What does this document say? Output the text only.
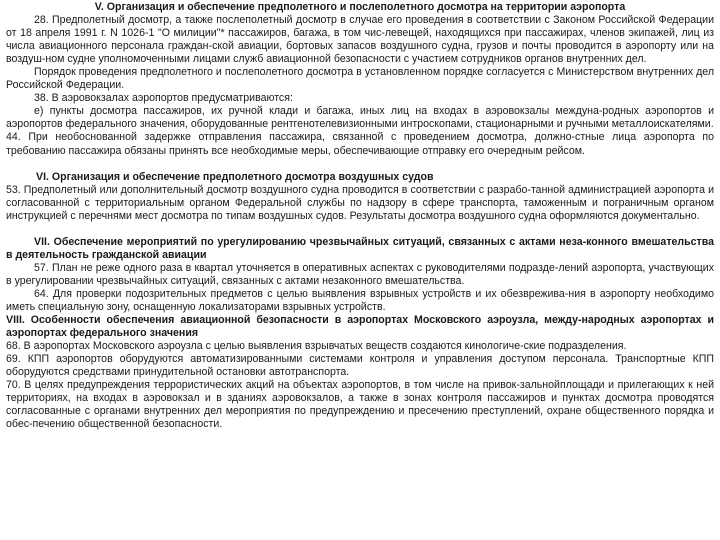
V. Организация и обеспечение предполетного и послеполетного досмотра на территории аэропорта

28. Предполетный досмотр, а также послеполетный досмотр в случае его проведения в соответствии с Законом Российской Федерации от 18 апреля 1991 г. N 1026-1 "О милиции"* пассажиров, багажа, в том чис-левещей, находящихся при пассажирах, членов экипажей, лиц из числа авиационного персонала граждан-ской авиации, бортовых запасов воздушного судна, грузов и почты проводится в аэропорту или на воздуш-ном судне уполномоченными лицами служб авиационной безопасности с участием сотрудников органов внутренних дел.

Порядок проведения предполетного и послеполетного досмотра в установленном порядке согласуется с Министерством внутренних дел Российской Федерации.

38. В аэровокзалах аэропортов предусматриваются:

е) пункты досмотра пассажиров, их ручной клади и багажа, иных лиц на входах в аэровокзалы междуна-родных аэропортов и аэропортов федерального значения, оборудованные рентгенотелевизионными интроскопами, стационарными и ручными металлоискателями.

44. При необоснованной задержке отправления пассажира, связанной с проведением досмотра, должно-стные лица аэропорта по требованию пассажира обязаны принять все необходимые меры, обеспечивающие отправку его очередным рейсом.

VI. Организация и обеспечение предполетного досмотра воздушных судов

53. Предполетный или дополнительный досмотр воздушного судна проводится в соответствии с разрабо-танной администрацией аэропорта и согласованной с территориальным органом Федеральной службы по надзору в сфере транспорта, таможенным и пограничным органом инструкцией с перечнями мест досмотра по типам воздушных судов. Результаты досмотра воздушного судна оформляются документально.

VII. Обеспечение мероприятий по урегулированию чрезвычайных ситуаций, связанных с актами неза-конного вмешательства в деятельность гражданской авиации

57. План не реже одного раза в квартал уточняется в оперативных аспектах с руководителями подразде-лений аэропорта, участвующих в урегулировании чрезвычайных ситуаций, связанных с актами незаконного вмешательства.

64. Для проверки подозрительных предметов с целью выявления взрывных устройств и их обезврежива-ния в аэропорту необходимо иметь специальную зону, оснащенную локализаторами взрывных устройств.

VIII. Особенности обеспечения авиационной безопасности в аэропортах Московского аэроузла, между-народных аэропортах и аэропортах федерального значения

68. В аэропортах Московского аэроузла с целью выявления взрывчатых веществ создаются кинологиче-ские подразделения.

69. КПП аэропортов оборудуются автоматизированными системами контроля и управления доступом персонала. Транспортные КПП оборудуются средствами принудительной остановки автотранспорта.

70. В целях предупреждения террористических акций на объектах аэропортов, в том числе на привок-зальнойплощади и прилегающих к ней территориях, на входах в аэровокзал и в зданиях аэровокзалов, а также в зонах контроля пассажиров и пунктах досмотра проводятся согласованные с органами внутренних дел мероприятия по предупреждению и пресечению преступлений, охране общественного порядка и обес-печению общественной безопасности.
